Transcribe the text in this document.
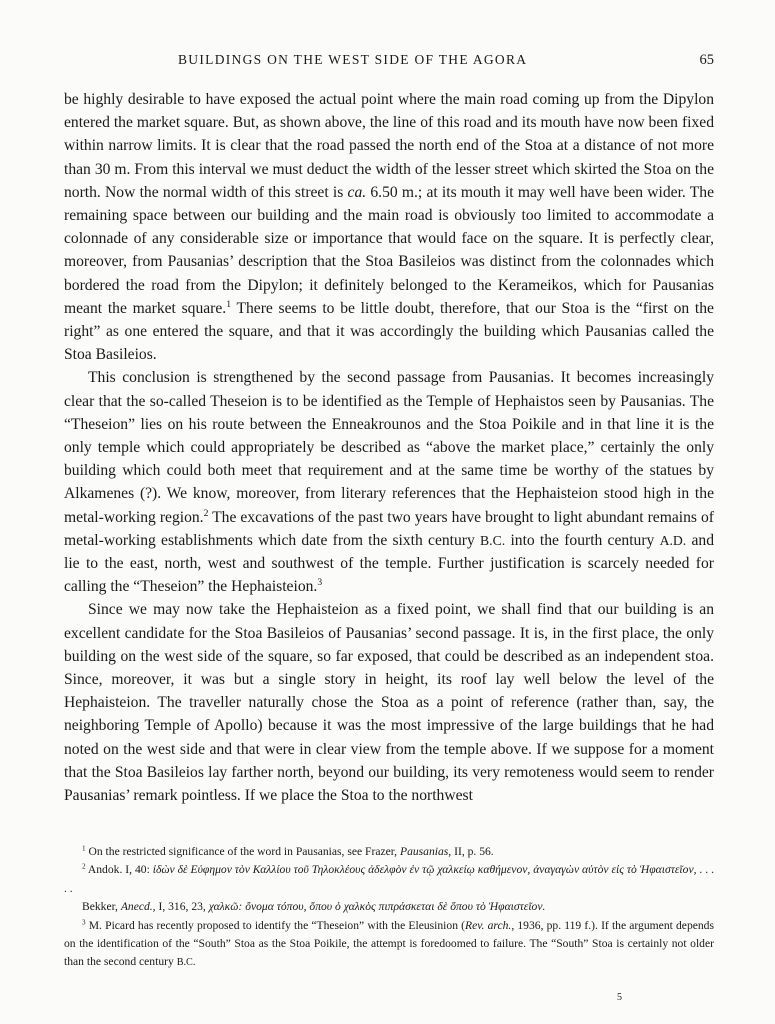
BUILDINGS ON THE WEST SIDE OF THE AGORA	65

be highly desirable to have exposed the actual point where the main road coming up from the Dipylon entered the market square. But, as shown above, the line of this road and its mouth have now been fixed within narrow limits. It is clear that the road passed the north end of the Stoa at a distance of not more than 30 m. From this interval we must deduct the width of the lesser street which skirted the Stoa on the north. Now the normal width of this street is ca. 6.50 m.; at its mouth it may well have been wider. The remaining space between our building and the main road is obviously too limited to accommodate a colonnade of any considerable size or importance that would face on the square. It is perfectly clear, moreover, from Pausanias’ description that the Stoa Basileios was distinct from the colonnades which bordered the road from the Dipylon; it definitely belonged to the Kerameikos, which for Pausanias meant the market square.$^1$ There seems to be little doubt, therefore, that our Stoa is the “first on the right” as one entered the square, and that it was accordingly the building which Pausanias called the Stoa Basileios.

This conclusion is strengthened by the second passage from Pausanias. It becomes increasingly clear that the so-called Theseion is to be identified as the Temple of Hephaistos seen by Pausanias. The “Theseion” lies on his route between the Enneakrounos and the Stoa Poikile and in that line it is the only temple which could appropriately be described as “above the market place,” certainly the only building which could both meet that requirement and at the same time be worthy of the statues by Alkamenes (?). We know, moreover, from literary references that the Hephaisteion stood high in the metal-working region.$^2$ The excavations of the past two years have brought to light abundant remains of metal-working establishments which date from the sixth century B.C. into the fourth century A.D. and lie to the east, north, west and southwest of the temple. Further justification is scarcely needed for calling the “Theseion” the Hephaisteion.$^3$

Since we may now take the Hephaisteion as a fixed point, we shall find that our building is an excellent candidate for the Stoa Basileios of Pausanias’ second passage. It is, in the first place, the only building on the west side of the square, so far exposed, that could be described as an independent stoa. Since, moreover, it was but a single story in height, its roof lay well below the level of the Hephaisteion. The traveller naturally chose the Stoa as a point of reference (rather than, say, the neighboring Temple of Apollo) because it was the most impressive of the large buildings that he had noted on the west side and that were in clear view from the temple above. If we suppose for a moment that the Stoa Basileios lay farther north, beyond our building, its very remoteness would seem to render Pausanias’ remark pointless. If we place the Stoa to the northwest

$^1$ On the restricted significance of the word in Pausanias, see Frazer, Pausanias, II, p. 56.

$^2$ Andok. I, 40: ἰδὼν δὲ Εὐφημον τὸν Καλλίου τοῦ Τηλοκλέους ἀδελφὸν ἐν τῷ χαλκείῳ καθήμενον, ἀναγαγὼν αὐτὸν εἰς τὸ Ἡφαιστεῖον, . . . . .

Bekker, Anecd., I, 316, 23, χαλκῶ: ὄνομα τόπου, ὅπου ὁ χαλκὸς πιπράσκεται δὲ ὅπου τὸ Ἡφαιστεῖον.

$^3$ M. Picard has recently proposed to identify the “Theseion” with the Eleusinion (Rev. arch., 1936, pp. 119 f.). If the argument depends on the identification of the “South” Stoa as the Stoa Poikile, the attempt is foredoomed to failure. The “South” Stoa is certainly not older than the second century B.C.

5
